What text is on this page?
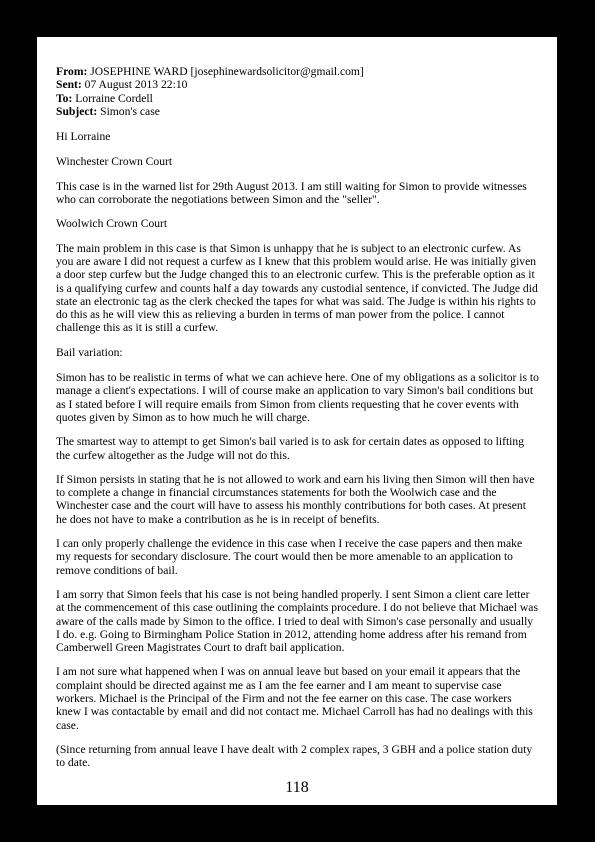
From: JOSEPHINE WARD [josephinewardsolicitor@gmail.com]
Sent: 07 August 2013 22:10
To: Lorraine Cordell
Subject: Simon's case

Hi Lorraine

Winchester Crown Court

This case is in the warned list for 29th August 2013. I am still waiting for Simon to provide witnesses who can corroborate the negotiations between Simon and the "seller".

Woolwich Crown Court

The main problem in this case is that Simon is unhappy that he is subject to an electronic curfew. As you are aware I did not request a curfew as I knew that this problem would arise. He was initially given a door step curfew but the Judge changed this to an electronic curfew. This is the preferable option as it is a qualifying curfew and counts half a day towards any custodial sentence, if convicted. The Judge did state an electronic tag as the clerk checked the tapes for what was said. The Judge is within his rights to do this as he will view this as relieving a burden in terms of man power from the police. I cannot challenge this as it is still a curfew.

Bail variation:

Simon has to be realistic in terms of what we can achieve here. One of my obligations as a solicitor is to manage a client's expectations. I will of course make an application to vary Simon's bail conditions but as I stated before I will require emails from Simon from clients requesting that he cover events with quotes given by Simon as to how much he will charge.

The smartest way to attempt to get Simon's bail varied is to ask for certain dates as opposed to lifting the curfew altogether as the Judge will not do this.

If Simon persists in stating that he is not allowed to work and earn his living then Simon will then have to complete a change in financial circumstances statements for both the Woolwich case and the Winchester case and the court will have to assess his monthly contributions for both cases. At present he does not have to make a contribution as he is in receipt of benefits.

I can only properly challenge the evidence in this case when I receive the case papers and then make my requests for secondary disclosure. The court would then be more amenable to an application to remove conditions of bail.

I am sorry that Simon feels that his case is not being handled properly. I sent Simon a client care letter at the commencement of this case outlining the complaints procedure. I do not believe that Michael was aware of the calls made by Simon to the office. I tried to deal with Simon's case personally and usually I do. e.g. Going to Birmingham Police Station in 2012, attending home address after his remand from Camberwell Green Magistrates Court to draft bail application.

I am not sure what happened when I was on annual leave but based on your email it appears that the complaint should be directed against me as I am the fee earner and I am meant to supervise case workers. Michael is the Principal of the Firm and not the fee earner on this case. The case workers knew I was contactable by email and did not contact me. Michael Carroll has had no dealings with this case.

(Since returning from annual leave I have dealt with 2 complex rapes, 3 GBH and a police station duty to date.

118
